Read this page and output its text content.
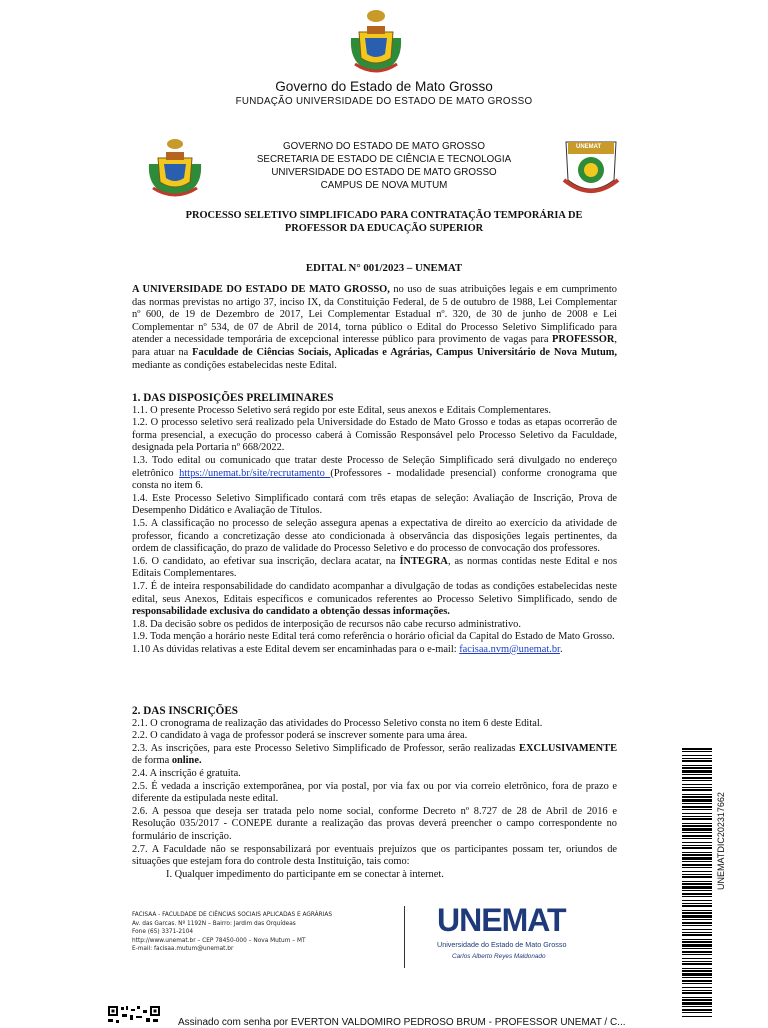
Governo do Estado de Mato Grosso
FUNDAÇÃO UNIVERSIDADE DO ESTADO DE MATO GROSSO
UNEMAT
GOVERNO DO ESTADO DE MATO GROSSO
SECRETARIA DE ESTADO DE CIÊNCIA E TECNOLOGIA
UNIVERSIDADE DO ESTADO DE MATO GROSSO
CAMPUS DE NOVA MUTUM
PROCESSO SELETIVO SIMPLIFICADO PARA CONTRATAÇÃO TEMPORÁRIA DE
PROFESSOR DA EDUCAÇÃO SUPERIOR
EDITAL N° 001/2023 – UNEMAT

A UNIVERSIDADE DO ESTADO DE MATO GROSSO, no uso de suas atribuições legais e em cumprimento das normas previstas no artigo 37, inciso IX, da Constituição Federal, de 5 de outubro de 1988, Lei Complementar nº 600, de 19 de Dezembro de 2017, Lei Complementar Estadual nº. 320, de 30 de junho de 2008 e Lei Complementar nº 534, de 07 de Abril de 2014, torna público o Edital do Processo Seletivo Simplificado para atender a necessidade temporária de excepcional interesse público para provimento de vagas para PROFESSOR, para atuar na Faculdade de Ciências Sociais, Aplicadas e Agrárias, Campus Universitário de Nova Mutum, mediante as condições estabelecidas neste Edital.

1. DAS DISPOSIÇÕES PRELIMINARES

1.1. O presente Processo Seletivo será regido por este Edital, seus anexos e Editais Complementares.

1.2. O processo seletivo será realizado pela Universidade do Estado de Mato Grosso e todas as etapas ocorrerão de forma presencial, a execução do processo caberá à Comissão Responsável pelo Processo Seletivo da Faculdade, designada pela Portaria nº 668/2022.

1.3. Todo edital ou comunicado que tratar deste Processo de Seleção Simplificado será divulgado no endereço eletrônico https://unemat.br/site/recrutamento (Professores - modalidade presencial) conforme cronograma que consta no item 6.

1.4. Este Processo Seletivo Simplificado contará com três etapas de seleção: Avaliação de Inscrição, Prova de Desempenho Didático e Avaliação de Títulos.

1.5. A classificação no processo de seleção assegura apenas a expectativa de direito ao exercício da atividade de professor, ficando a concretização desse ato condicionada à observância das disposições legais pertinentes, da ordem de classificação, do prazo de validade do Processo Seletivo e do processo de convocação dos professores.

1.6. O candidato, ao efetivar sua inscrição, declara acatar, na ÍNTEGRA, as normas contidas neste Edital e nos Editais Complementares.

1.7. É de inteira responsabilidade do candidato acompanhar a divulgação de todas as condições estabelecidas neste edital, seus Anexos, Editais específicos e comunicados referentes ao Processo Seletivo Simplificado, sendo de responsabilidade exclusiva do candidato a obtenção dessas informações.

1.8. Da decisão sobre os pedidos de interposição de recursos não cabe recurso administrativo.

1.9. Toda menção a horário neste Edital terá como referência o horário oficial da Capital do Estado de Mato Grosso.

1.10 As dúvidas relativas a este Edital devem ser encaminhadas para o e-mail: facisaa.nvm@unemat.br.

2. DAS INSCRIÇÕES

2.1. O cronograma de realização das atividades do Processo Seletivo consta no item 6 deste Edital.

2.2. O candidato à vaga de professor poderá se inscrever somente para uma área.

2.3. As inscrições, para este Processo Seletivo Simplificado de Professor, serão realizadas EXCLUSIVAMENTE de forma online.

2.4. A inscrição é gratuita.

2.5. É vedada a inscrição extemporânea, por via postal, por via fax ou por via correio eletrônico, fora de prazo e diferente da estipulada neste edital.

2.6. A pessoa que deseja ser tratada pelo nome social, conforme Decreto nº 8.727 de 28 de Abril de 2016 e Resolução 035/2017 - CONEPE durante a realização das provas deverá preencher o campo correspondente no formulário de inscrição.

2.7. A Faculdade não se responsabilizará por eventuais prejuízos que os participantes possam ter, oriundos de situações que estejam fora do controle desta Instituição, tais como:

I. Qualquer impedimento do participante em se conectar à internet.

FACISAA - FACULDADE DE CIÊNCIAS SOCIAIS APLICADAS E AGRÁRIAS
Av. das Garcas. Nº 1192N – Bairro: Jardim das Orquídeas
Fone (65) 3371-2104
http://www.unemat.br – CEP 78450-000 – Nova Mutum – MT
E-mail: facisaa.mutum@unemat.br
UNEMAT
Universidade do Estado de Mato Grosso
Carlos Alberto Reyes Maldonado
UNEMATDIC202317662
Assinado com senha por EVERTON VALDOMIRO PEDROSO BRUM - PROFESSOR UNEMAT / C...
